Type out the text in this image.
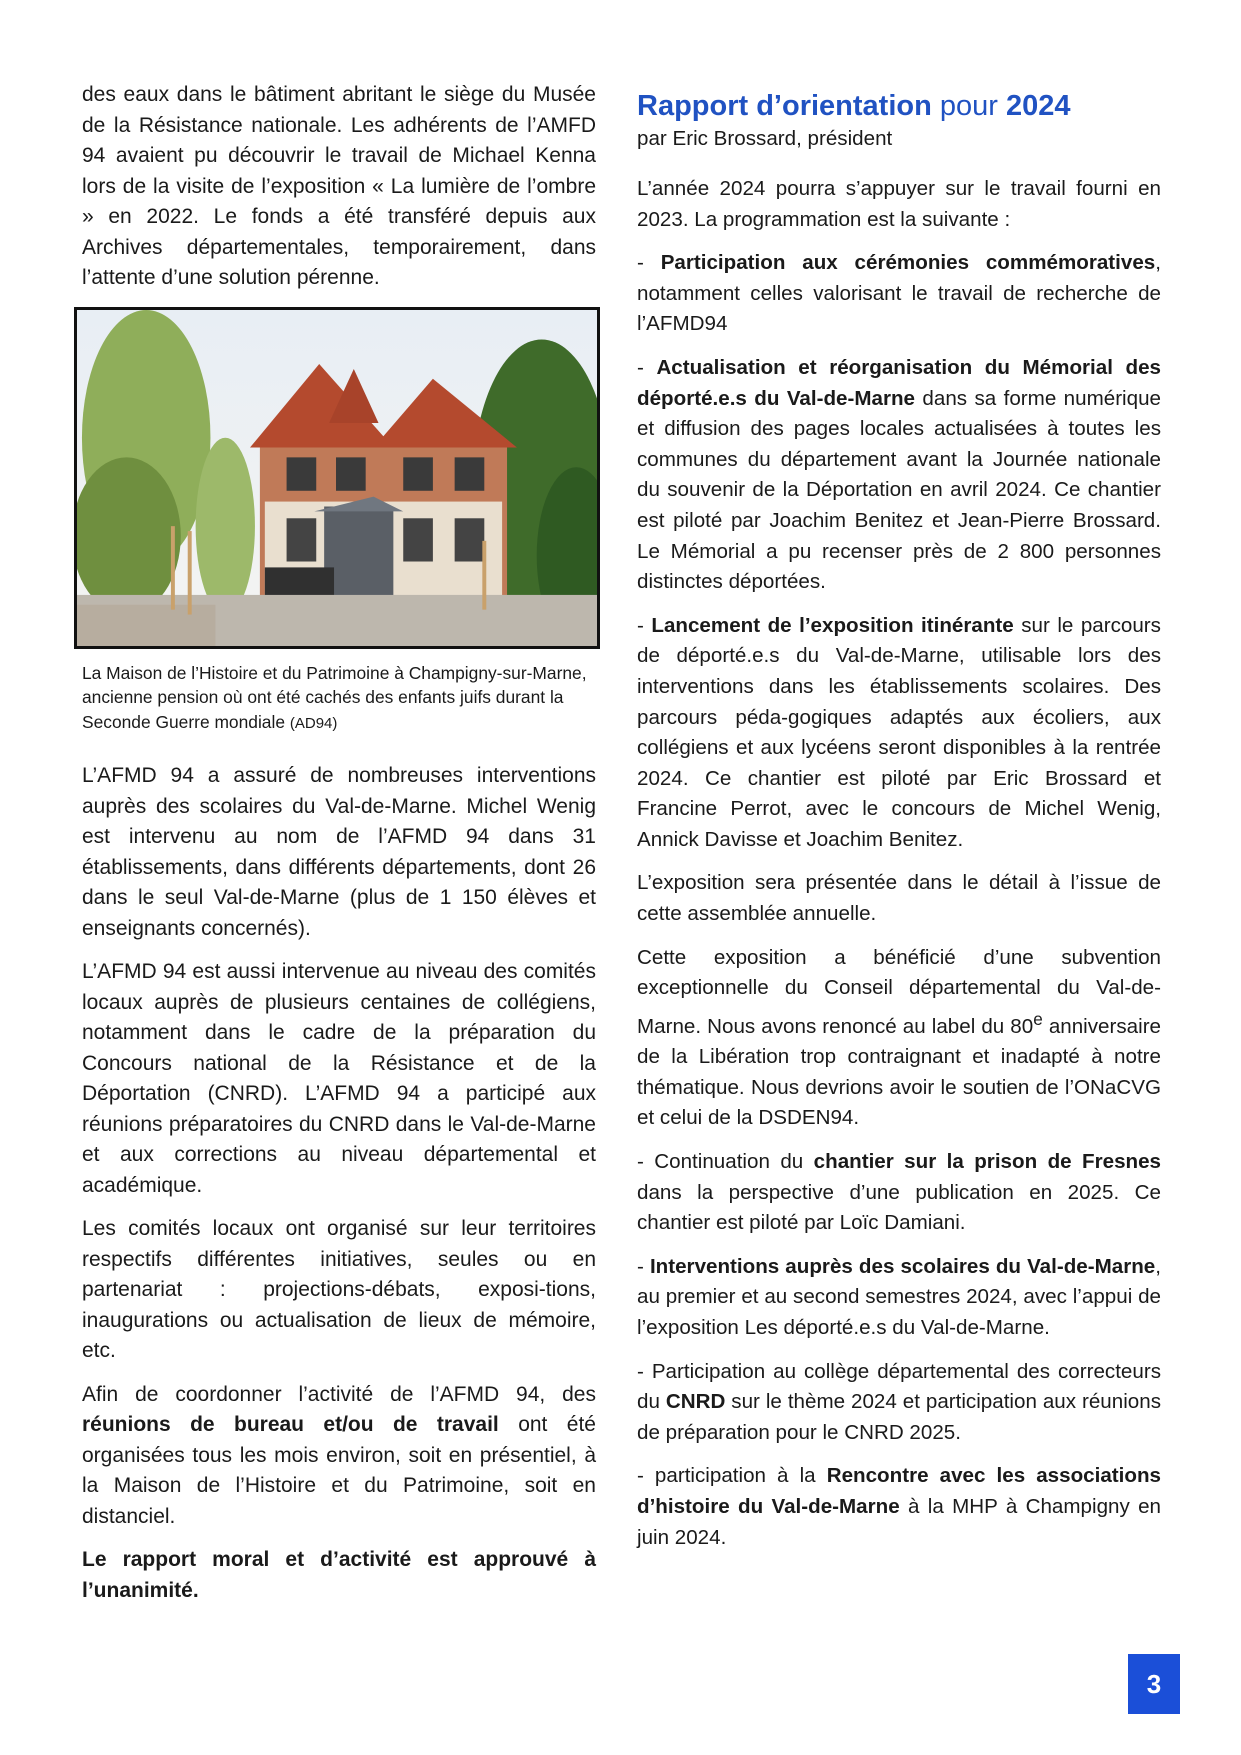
des eaux dans le bâtiment abritant le siège du Musée de la Résistance nationale. Les adhérents de l’AMFD 94 avaient pu découvrir le travail de Michael Kenna lors de la visite de l’exposition « La lumière de l’ombre » en 2022. Le fonds a été transféré depuis aux Archives départementales, temporairement, dans l’attente d’une solution pérenne.

La Maison de l’Histoire et du Patrimoine à Champigny-sur-Marne, ancienne pension où ont été cachés des enfants juifs durant la Seconde Guerre mondiale (AD94)

L’AFMD 94 a assuré de nombreuses interventions auprès des scolaires du Val-de-Marne. Michel Wenig est intervenu au nom de l’AFMD 94 dans 31 établissements, dans différents départements, dont 26 dans le seul Val-de-Marne (plus de 1 150 élèves et enseignants concernés).

L’AFMD 94 est aussi intervenue au niveau des comités locaux auprès de plusieurs centaines de collégiens, notamment dans le cadre de la préparation du Concours national de la Résistance et de la Déportation (CNRD). L’AFMD 94 a participé aux réunions préparatoires du CNRD dans le Val-de-Marne et aux corrections au niveau départemental et académique.

Les comités locaux ont organisé sur leur territoires respectifs différentes initiatives, seules ou en partenariat : projections-débats, exposi-tions, inaugurations ou actualisation de lieux de mémoire, etc.

Afin de coordonner l’activité de l’AFMD 94, des réunions de bureau et/ou de travail ont été organisées tous les mois environ, soit en présentiel, à la Maison de l’Histoire et du Patrimoine, soit en distanciel.

Le rapport moral et d’activité est approuvé à l’unanimité.

Rapport d’orientation pour 2024
par Eric Brossard, président

L’année 2024 pourra s’appuyer sur le travail fourni en 2023. La programmation est la suivante :

- Participation aux cérémonies commémoratives, notamment celles valorisant le travail de recherche de l’AFMD94

- Actualisation et réorganisation du Mémorial des déporté.e.s du Val-de-Marne dans sa forme numérique et diffusion des pages locales actualisées à toutes les communes du département avant la Journée nationale du souvenir de la Déportation en avril 2024. Ce chantier est piloté par Joachim Benitez et Jean-Pierre Brossard. Le Mémorial a pu recenser près de 2 800 personnes distinctes déportées.

- Lancement de l’exposition itinérante sur le parcours de déporté.e.s du Val-de-Marne, utilisable lors des interventions dans les établissements scolaires. Des parcours péda-gogiques adaptés aux écoliers, aux collégiens et aux lycéens seront disponibles à la rentrée 2024. Ce chantier est piloté par Eric Brossard et Francine Perrot, avec le concours de Michel Wenig, Annick Davisse et Joachim Benitez.

L’exposition sera présentée dans le détail à l’issue de cette assemblée annuelle.

Cette exposition a bénéficié d’une subvention exceptionnelle du Conseil départemental du Val-de-Marne. Nous avons renoncé au label du 80e anniversaire de la Libération trop contraignant et inadapté à notre thématique. Nous devrions avoir le soutien de l’ONaCVG et celui de la DSDEN94.

- Continuation du chantier sur la prison de Fresnes dans la perspective d’une publication en 2025. Ce chantier est piloté par Loïc Damiani.

- Interventions auprès des scolaires du Val-de-Marne, au premier et au second semestres 2024, avec l’appui de l’exposition Les déporté.e.s du Val-de-Marne.

- Participation au collège départemental des correcteurs du CNRD sur le thème 2024 et participation aux réunions de préparation pour le CNRD 2025.

- participation à la Rencontre avec les associations d’histoire du Val-de-Marne à la MHP à Champigny en juin 2024.

3
